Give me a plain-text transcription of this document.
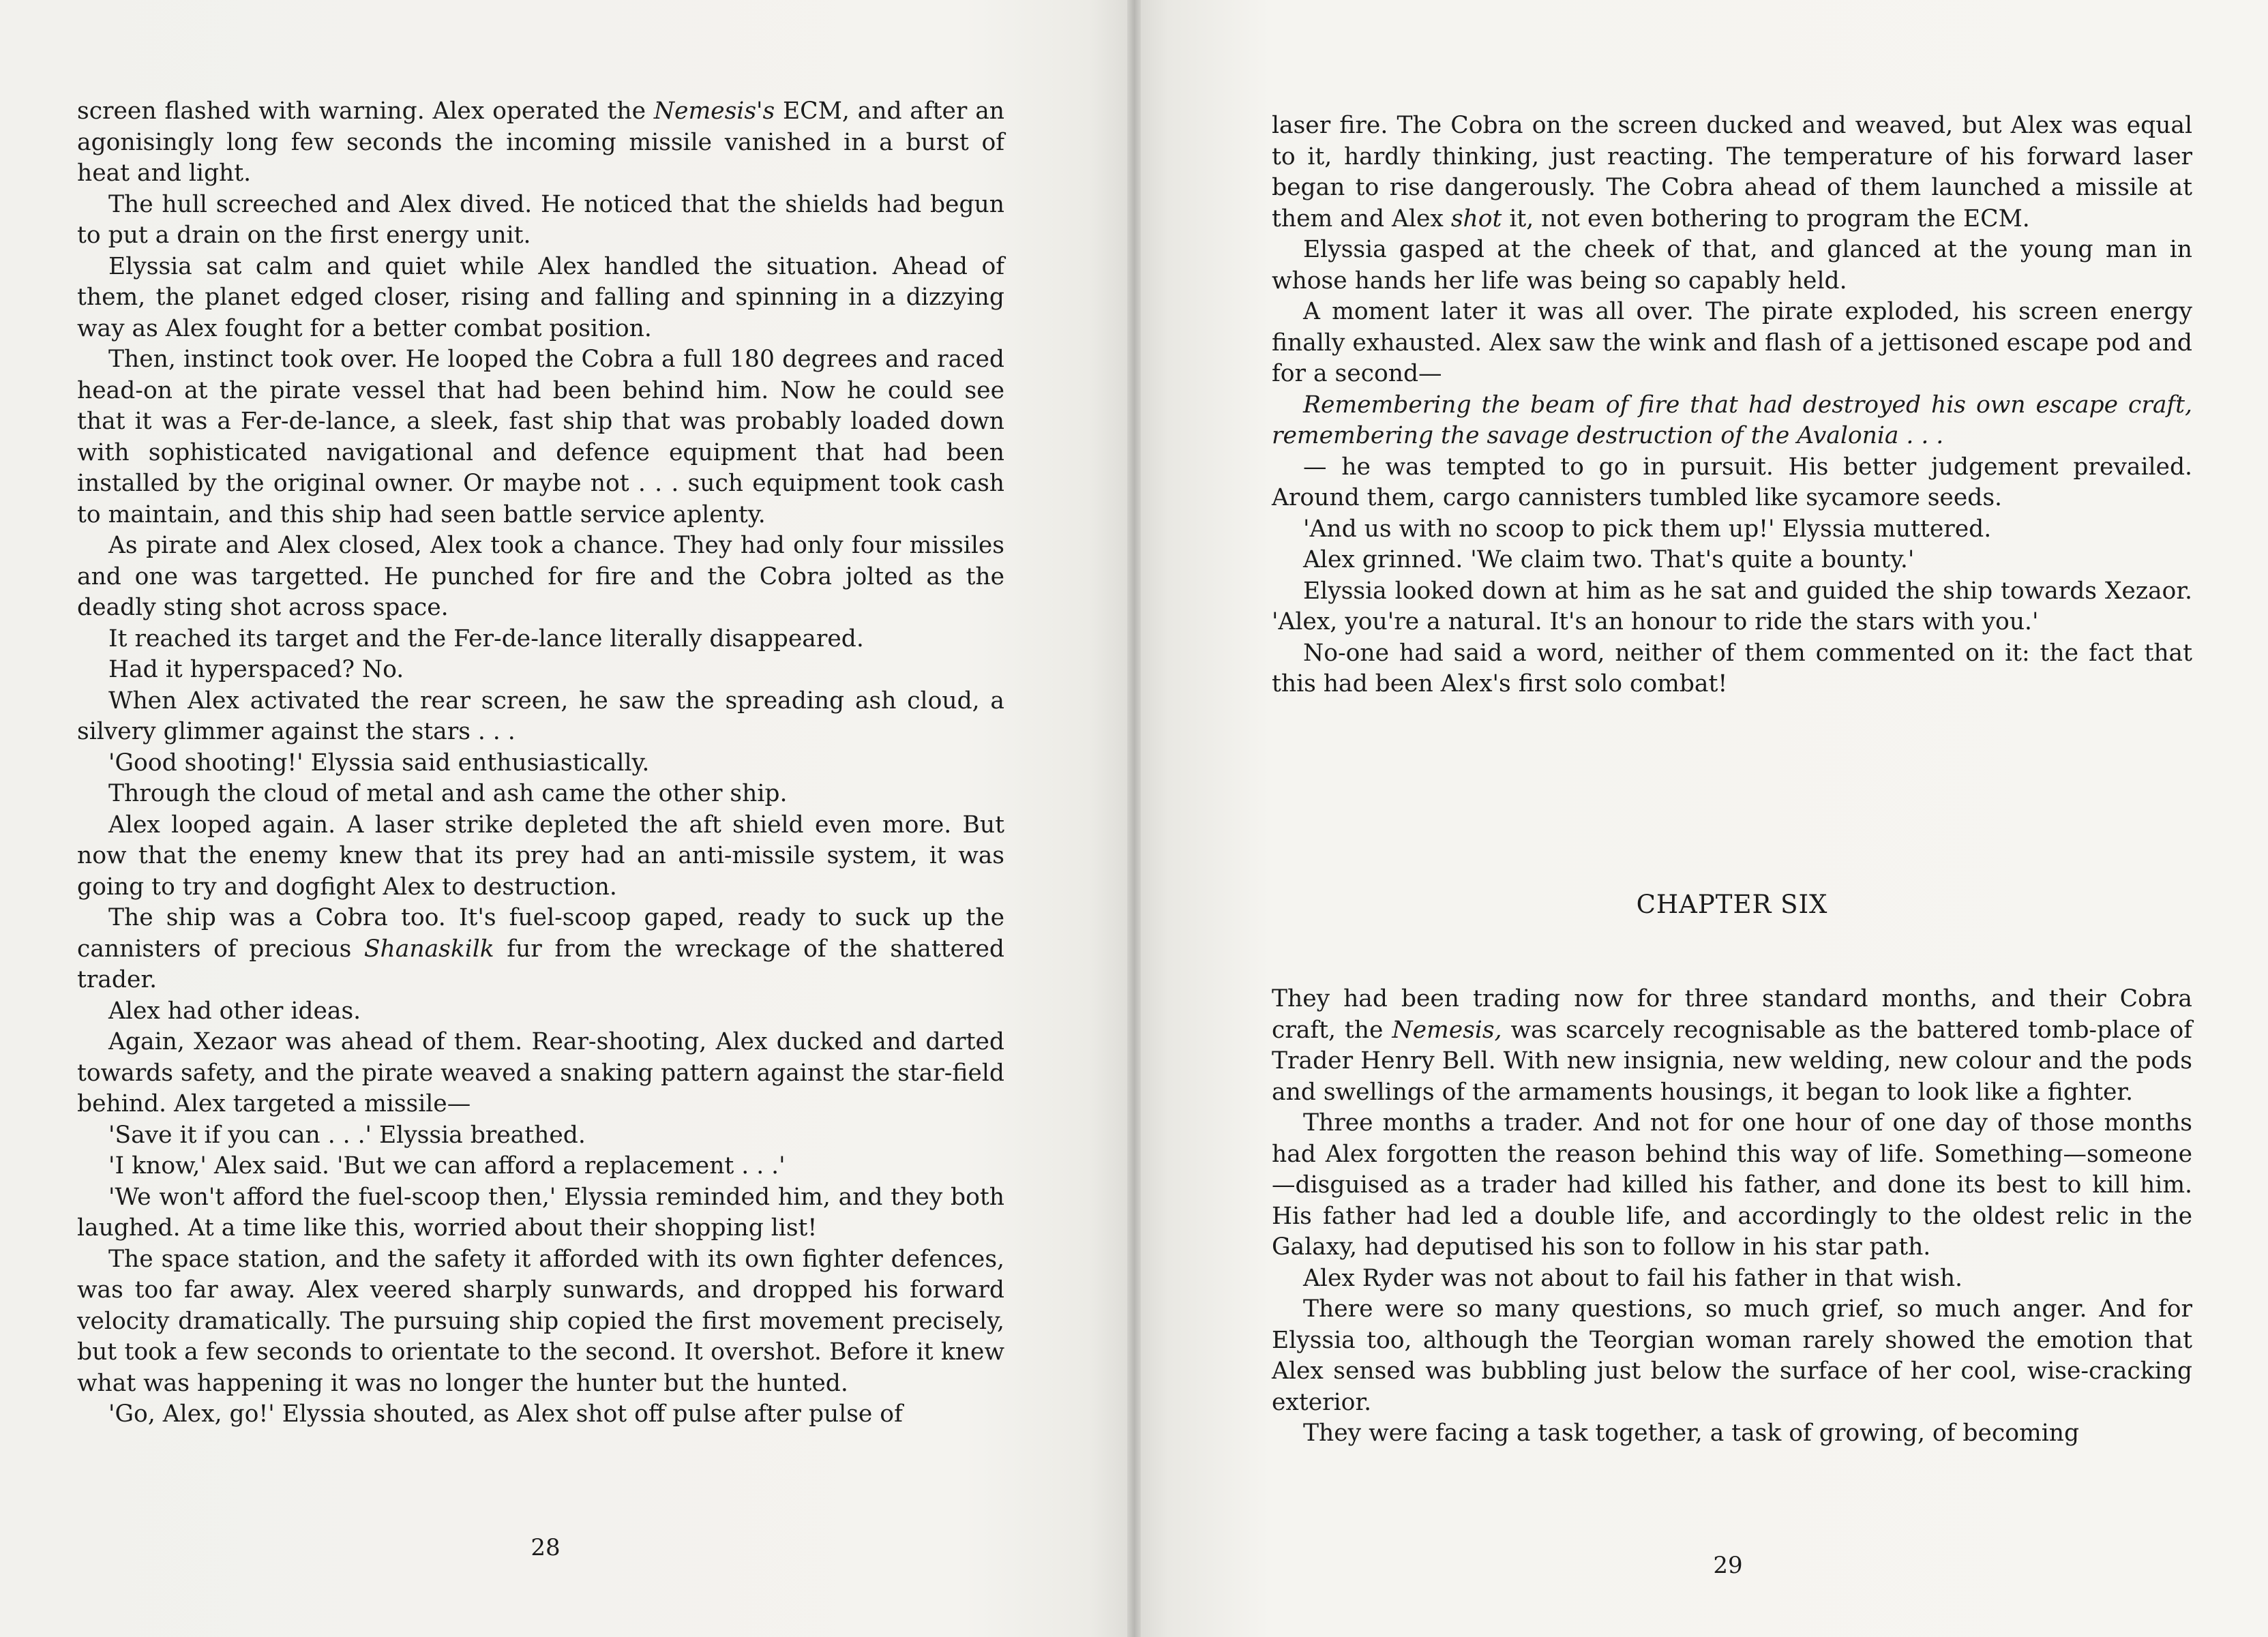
screen flashed with warning. Alex operated the Nemesis's ECM, and after an agonisingly long few seconds the incoming missile vanished in a burst of heat and light.

The hull screeched and Alex dived. He noticed that the shields had begun to put a drain on the first energy unit.

Elyssia sat calm and quiet while Alex handled the situation. Ahead of them, the planet edged closer, rising and falling and spinning in a dizzying way as Alex fought for a better combat position.

Then, instinct took over. He looped the Cobra a full 180 degrees and raced head-on at the pirate vessel that had been behind him. Now he could see that it was a Fer-de-lance, a sleek, fast ship that was probably loaded down with sophisticated navigational and defence equipment that had been installed by the original owner. Or maybe not . . . such equipment took cash to maintain, and this ship had seen battle service aplenty.

As pirate and Alex closed, Alex took a chance. They had only four missiles and one was targetted. He punched for fire and the Cobra jolted as the deadly sting shot across space.

It reached its target and the Fer-de-lance literally disappeared.

Had it hyperspaced? No.

When Alex activated the rear screen, he saw the spreading ash cloud, a silvery glimmer against the stars . . .

'Good shooting!' Elyssia said enthusiastically.

Through the cloud of metal and ash came the other ship.

Alex looped again. A laser strike depleted the aft shield even more. But now that the enemy knew that its prey had an anti-missile system, it was going to try and dogfight Alex to destruction.

The ship was a Cobra too. It's fuel-scoop gaped, ready to suck up the cannisters of precious Shanaskilk fur from the wreckage of the shattered trader.

Alex had other ideas.

Again, Xezaor was ahead of them. Rear-shooting, Alex ducked and darted towards safety, and the pirate weaved a snaking pattern against the star-field behind. Alex targeted a missile—

'Save it if you can . . .' Elyssia breathed.

'I know,' Alex said. 'But we can afford a replacement . . .'

'We won't afford the fuel-scoop then,' Elyssia reminded him, and they both laughed. At a time like this, worried about their shopping list!

The space station, and the safety it afforded with its own fighter defences, was too far away. Alex veered sharply sunwards, and dropped his forward velocity dramatically. The pursuing ship copied the first movement precisely, but took a few seconds to orientate to the second. It overshot. Before it knew what was happening it was no longer the hunter but the hunted.

'Go, Alex, go!' Elyssia shouted, as Alex shot off pulse after pulse of

28

laser fire. The Cobra on the screen ducked and weaved, but Alex was equal to it, hardly thinking, just reacting. The temperature of his forward laser began to rise dangerously. The Cobra ahead of them launched a missile at them and Alex shot it, not even bothering to program the ECM.

Elyssia gasped at the cheek of that, and glanced at the young man in whose hands her life was being so capably held.

A moment later it was all over. The pirate exploded, his screen energy finally exhausted. Alex saw the wink and flash of a jettisoned escape pod and for a second—

Remembering the beam of fire that had destroyed his own escape craft, remembering the savage destruction of the Avalonia . . .

— he was tempted to go in pursuit. His better judgement prevailed. Around them, cargo cannisters tumbled like sycamore seeds.

'And us with no scoop to pick them up!' Elyssia muttered.

Alex grinned. 'We claim two. That's quite a bounty.'

Elyssia looked down at him as he sat and guided the ship towards Xezaor. 'Alex, you're a natural. It's an honour to ride the stars with you.'

No-one had said a word, neither of them commented on it: the fact that this had been Alex's first solo combat!

CHAPTER SIX

They had been trading now for three standard months, and their Cobra craft, the Nemesis, was scarcely recognisable as the battered tomb-place of Trader Henry Bell. With new insignia, new welding, new colour and the pods and swellings of the armaments housings, it began to look like a fighter.

Three months a trader. And not for one hour of one day of those months had Alex forgotten the reason behind this way of life. Something—someone—disguised as a trader had killed his father, and done its best to kill him. His father had led a double life, and accordingly to the oldest relic in the Galaxy, had deputised his son to follow in his star path.

Alex Ryder was not about to fail his father in that wish.

There were so many questions, so much grief, so much anger. And for Elyssia too, although the Teorgian woman rarely showed the emotion that Alex sensed was bubbling just below the surface of her cool, wise-cracking exterior.

They were facing a task together, a task of growing, of becoming

29
